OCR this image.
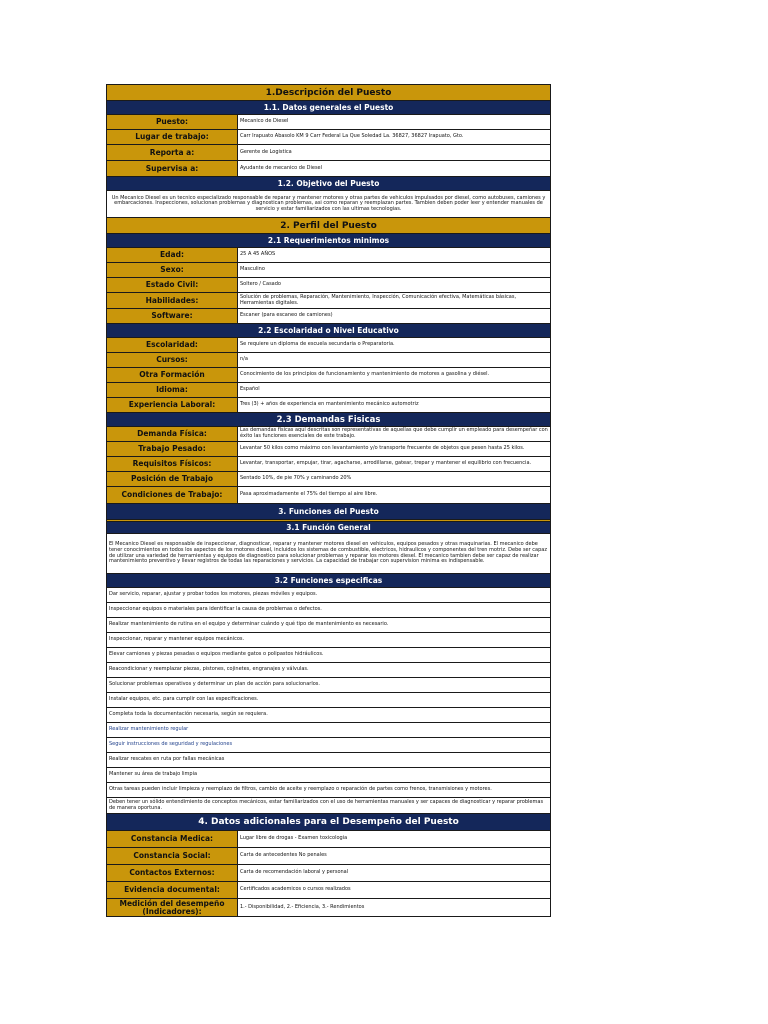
1.Descripción del Puesto	
1.1. Datos generales el Puesto	
Puesto:	Mecanico de Diesel
Lugar de trabajo:	Carr Irapuato Abasolo KM 9 Carr Federal La Que Soledad La. 36827, 36827 Irapuato, Gto.
Reporta a:	Gerente de Logistica
Supervisa a:	Ayudante de mecanico de Diesel
1.2. Objetivo del Puesto	
Un Mecanico Diesel es un tecnico especializado responsable de reparar y mantener motores y otras partes de vehiculos impulsados por diesel, como autobuses, camiones y embarcaciones. Inspecciones, solucionan problemas y diagnostican problemas, asi como reparan y reemplazan partes. Tambien deben poder leer y entender manuales de servicio y estar familiarizados con las ultimas tecnologias.	
2. Perfil del Puesto	
2.1 Requerimientos minimos	
Edad:	25 A 45 AÑOS
Sexo:	Masculino
Estado Civil:	Soltero / Casado
Habilidades:	Solución de problemas, Reparación, Mantenimiento, Inspección, Comunicación efectiva, Matemáticas básicas, Herramientas digitales.
Software:	Escaner (para escaneo de camiones)
2.2 Escolaridad o Nivel Educativo	
Escolaridad:	Se requiere un diploma de escuela secundaria o Preparatoria.
Cursos:	n/a
Otra Formación	Conocimiento de los principios de funcionamiento y mantenimiento de motores a gasolina y diésel.
Idioma:	Español
Experiencia Laboral:	Tres (3) + años de experiencia en mantenimiento mecánico automotriz
2.3 Demandas Fisicas	
Demanda Física:	Las demandas físicas aquí descritas son representativas de aquellas que debe cumplir un empleado para desempeñar con éxito las funciones esenciales de este trabajo.
Trabajo Pesado:	Levantar 50 kilos como máximo con levantamiento y/o transporte frecuente de objetos que pesen hasta 25 kilos.
Requisitos Físicos:	Levantar, transportar, empujar, tirar, agacharse, arrodillarse, gatear, trepar y mantener el equilibrio con frecuencia.
Posición de Trabajo	Sentado 10%, de pie 70% y caminando 20%
Condiciones de Trabajo:	Pasa aproximadamente el 75% del tiempo al aire libre.
3. Funciones del Puesto	

3.1 Función General	
El Mecanico Diesel es responsable de inspeccionar, diagnosticar, reparar y mantener motores diesel en vehiculos, equipos pesados y otras maquinarias. El mecanico debe tener conocimientos en todos los aspectos de los motores diesel, incluidos los sistemas de combustible, electricos, hidraulicos y componentes del tren motriz. Debe ser capaz de utilizar una variedad de herramientas y equipos de diagnostico para solucionar problemas y reparar los motores diesel. El mecanico tambien debe ser capaz de realizar mantenimiento preventivo y llevar registros de todas las reparaciones y servicios. La capacidad de trabajar con supervision minima es indispensable.	
3.2 Funciones especificas	
Dar servicio, reparar, ajustar y probar todos los motores, piezas móviles y equipos.	
Inspeccionar equipos o materiales para identificar la causa de problemas o defectos.	
Realizar mantenimiento de rutina en el equipo y determinar cuándo y qué tipo de mantenimiento es necesario.	
Inspeccionar, reparar y mantener equipos mecánicos.	
Elevar camiones y piezas pesadas o equipos mediante gatos o polipastos hidráulicos.	
Reacondicionar y reemplazar piezas, pistones, cojinetes, engranajes y válvulas.	
Solucionar problemas operativos y determinar un plan de acción para solucionarlos.	
Instalar equipos, etc. para cumplir con las especificaciones.	
Completa toda la documentación necesaria, según se requiera.	
Realizar mantenimiento regular	
Seguir instrucciones de seguridad y regulaciones	
Realizar rescates en ruta por fallas mecánicas	
Mantener su área de trabajo limpia	
Otras tareas pueden incluir limpieza y reemplazo de filtros, cambio de aceite y reemplazo o reparación de partes como frenos, transmisiones y motores.	
Deben tener un sólido entendimiento de conceptos mecánicos, estar familiarizados con el uso de herramientas manuales y ser capaces de diagnosticar y reparar problemas de manera oportuna.	
4. Datos adicionales para el Desempeño del Puesto	
Constancia Medica:	Lugar libre de drogas - Examen toxicologia
Constancia Social:	Carta de antecedentes No penales
Contactos Externos:	Carta de recomendación laboral y personal
Evidencia documental:	Certificados academicos o cursos realizados
Medición del desempeño (Indicadores):	1.- Disponibilidad, 2.- Eficiencia, 3.- Rendimientos
